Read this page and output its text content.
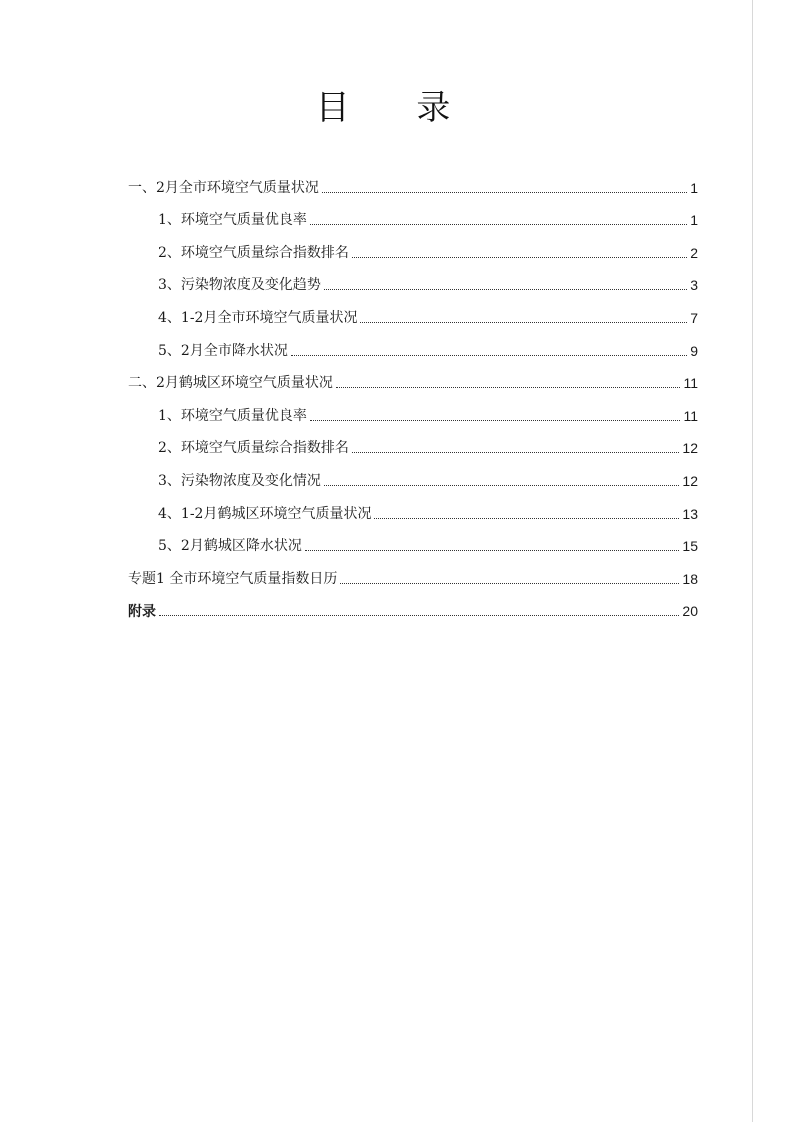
目 录
一、2月全市环境空气质量状况	1
1、环境空气质量优良率	1
2、环境空气质量综合指数排名	2
3、污染物浓度及变化趋势	3
4、1-2月全市环境空气质量状况	7
5、2月全市降水状况	9
二、2月鹤城区环境空气质量状况	11
1、环境空气质量优良率	11
2、环境空气质量综合指数排名	12
3、污染物浓度及变化情况	12
4、1-2月鹤城区环境空气质量状况	13
5、2月鹤城区降水状况	15
专题1 全市环境空气质量指数日历	18
附录	20
